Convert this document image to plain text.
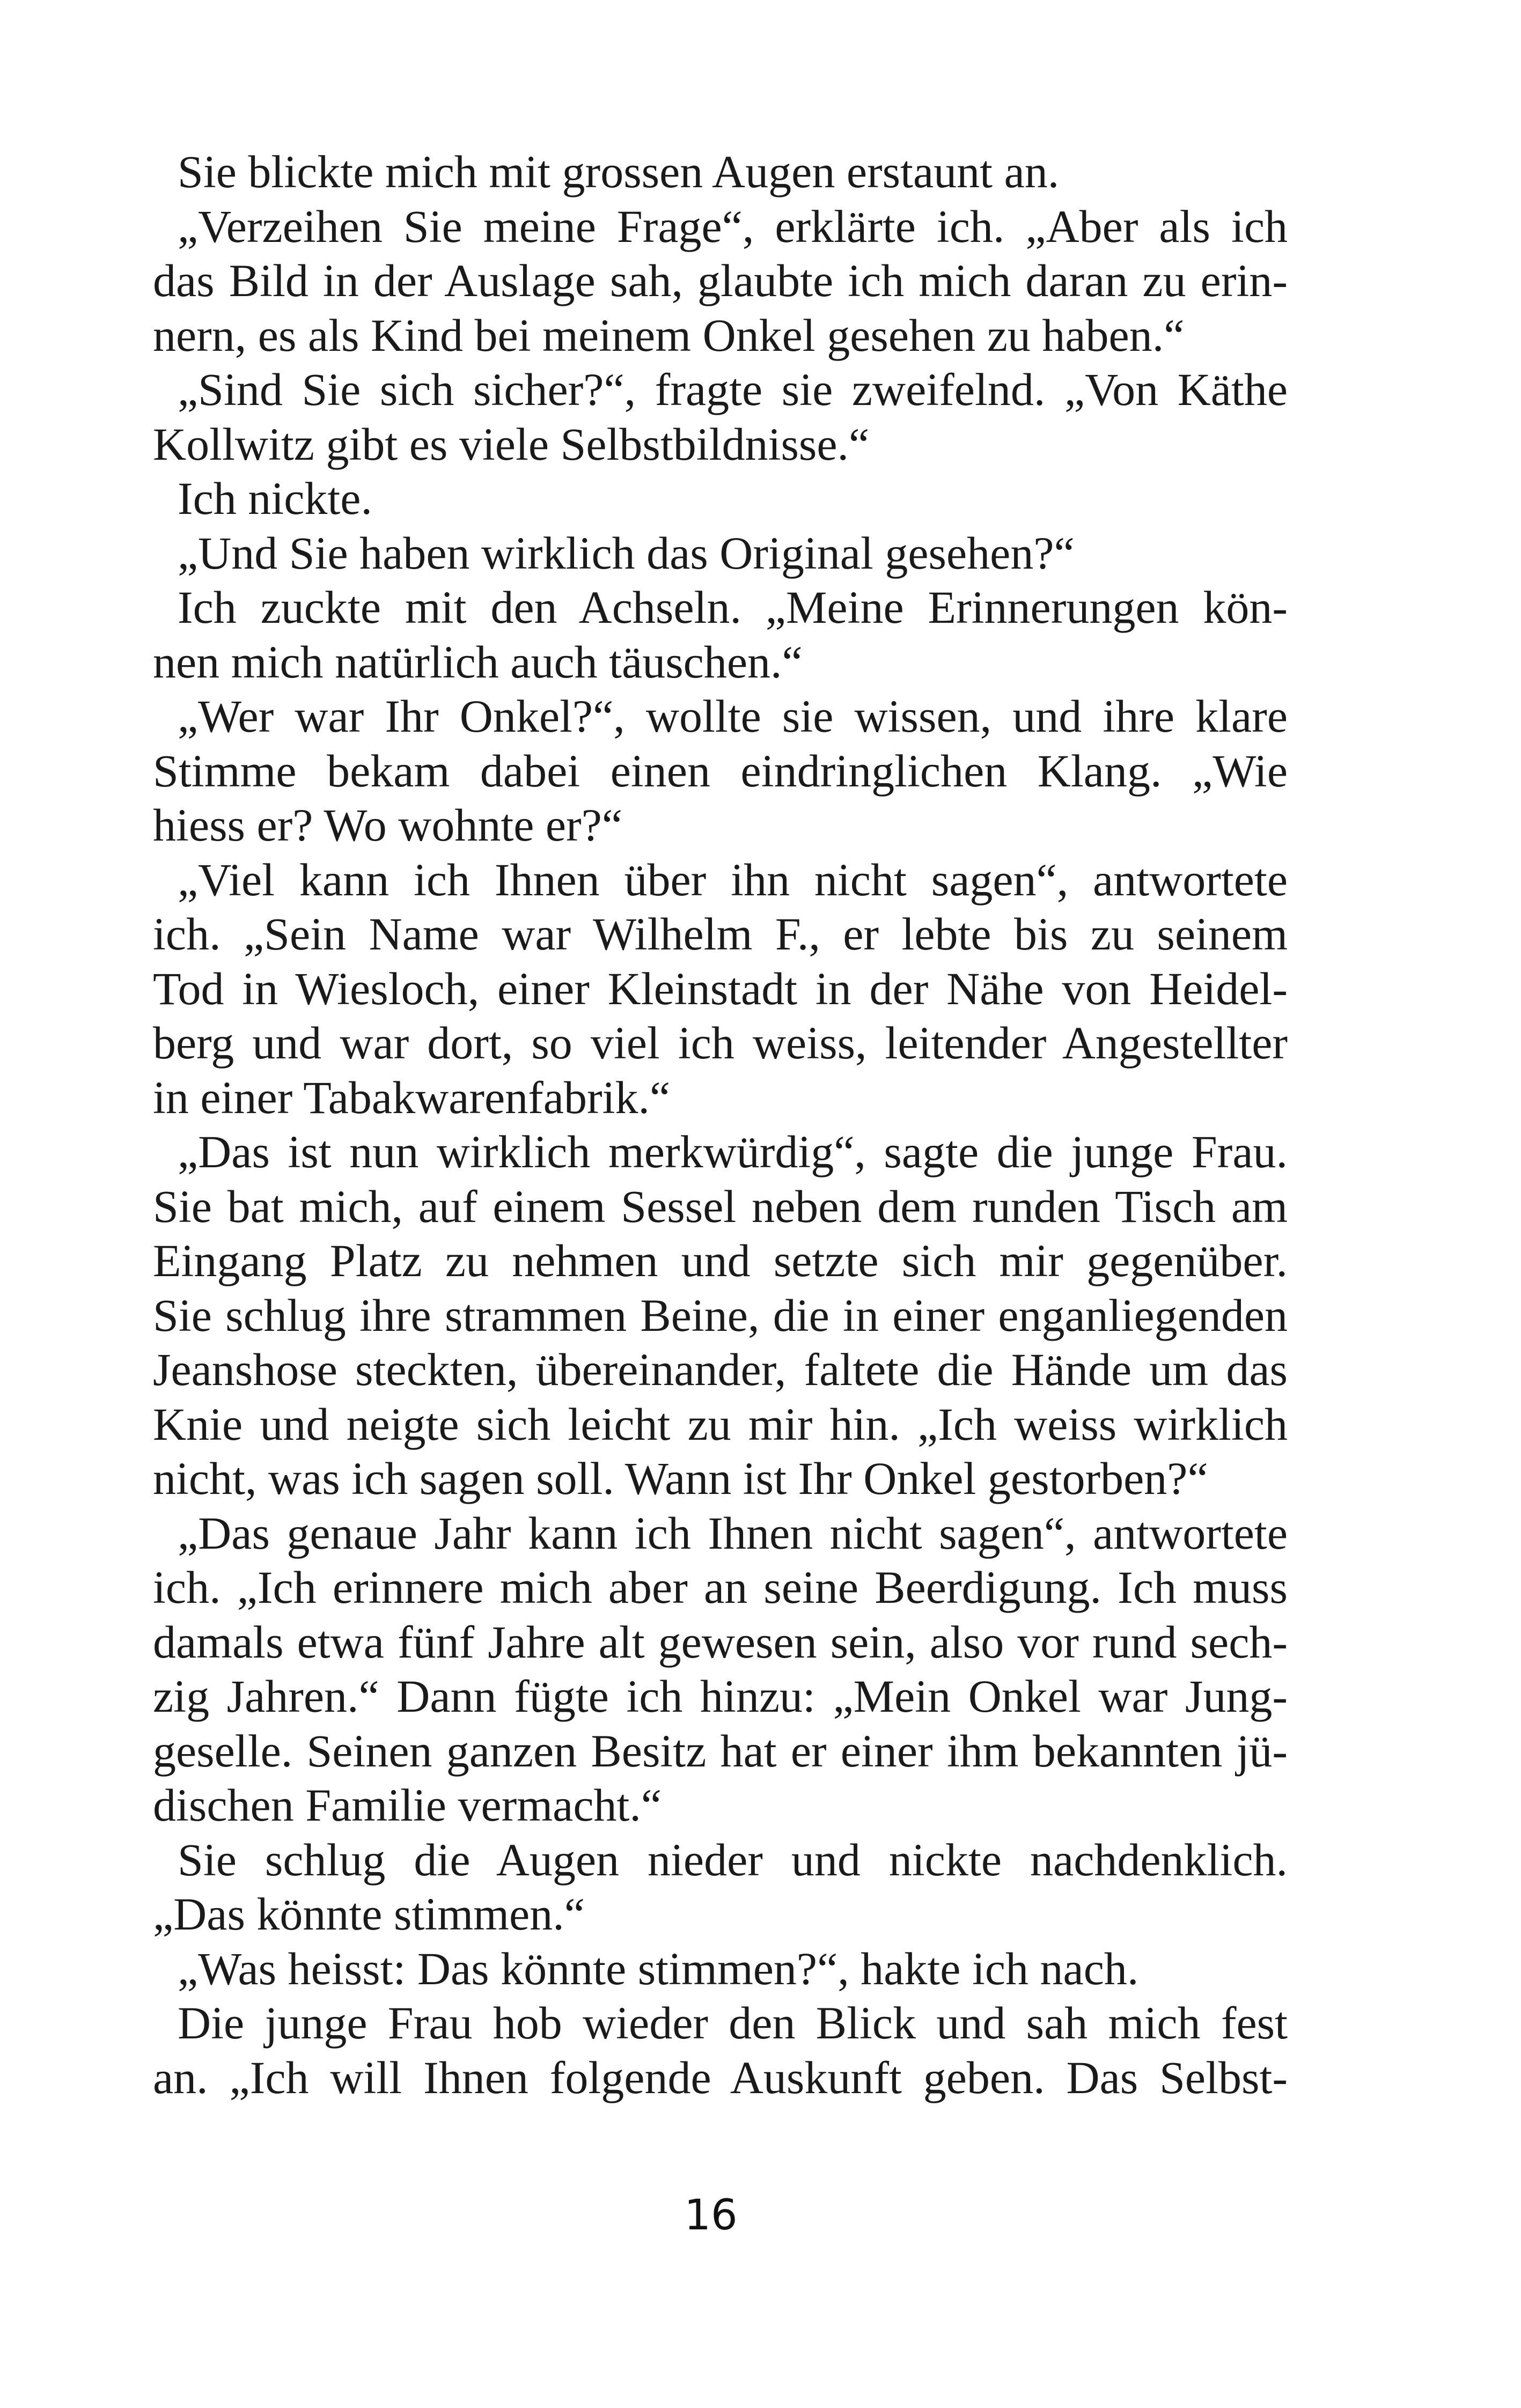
Sie blickte mich mit grossen Augen erstaunt an.
„Verzeihen Sie meine Frage“, erklärte ich. „Aber als ich
das Bild in der Auslage sah, glaubte ich mich daran zu erin-
nern, es als Kind bei meinem Onkel gesehen zu haben.“
„Sind Sie sich sicher?“, fragte sie zweifelnd. „Von Käthe
Kollwitz gibt es viele Selbstbildnisse.“
Ich nickte.
„Und Sie haben wirklich das Original gesehen?“
Ich zuckte mit den Achseln. „Meine Erinnerungen kön-
nen mich natürlich auch täuschen.“
„Wer war Ihr Onkel?“, wollte sie wissen, und ihre klare
Stimme bekam dabei einen eindringlichen Klang. „Wie
hiess er? Wo wohnte er?“
„Viel kann ich Ihnen über ihn nicht sagen“, antwortete
ich. „Sein Name war Wilhelm F., er lebte bis zu seinem
Tod in Wiesloch, einer Kleinstadt in der Nähe von Heidel-
berg und war dort, so viel ich weiss, leitender Angestellter
in einer Tabakwarenfabrik.“
„Das ist nun wirklich merkwürdig“, sagte die junge Frau.
Sie bat mich, auf einem Sessel neben dem runden Tisch am
Eingang Platz zu nehmen und setzte sich mir gegenüber.
Sie schlug ihre strammen Beine, die in einer enganliegenden
Jeanshose steckten, übereinander, faltete die Hände um das
Knie und neigte sich leicht zu mir hin. „Ich weiss wirklich
nicht, was ich sagen soll. Wann ist Ihr Onkel gestorben?“
„Das genaue Jahr kann ich Ihnen nicht sagen“, antwortete
ich. „Ich erinnere mich aber an seine Beerdigung. Ich muss
damals etwa fünf Jahre alt gewesen sein, also vor rund sech-
zig Jahren.“ Dann fügte ich hinzu: „Mein Onkel war Jung-
geselle. Seinen ganzen Besitz hat er einer ihm bekannten jü-
dischen Familie vermacht.“
Sie schlug die Augen nieder und nickte nachdenklich.
„Das könnte stimmen.“
„Was heisst: Das könnte stimmen?“, hakte ich nach.
Die junge Frau hob wieder den Blick und sah mich fest
an. „Ich will Ihnen folgende Auskunft geben. Das Selbst-
16
